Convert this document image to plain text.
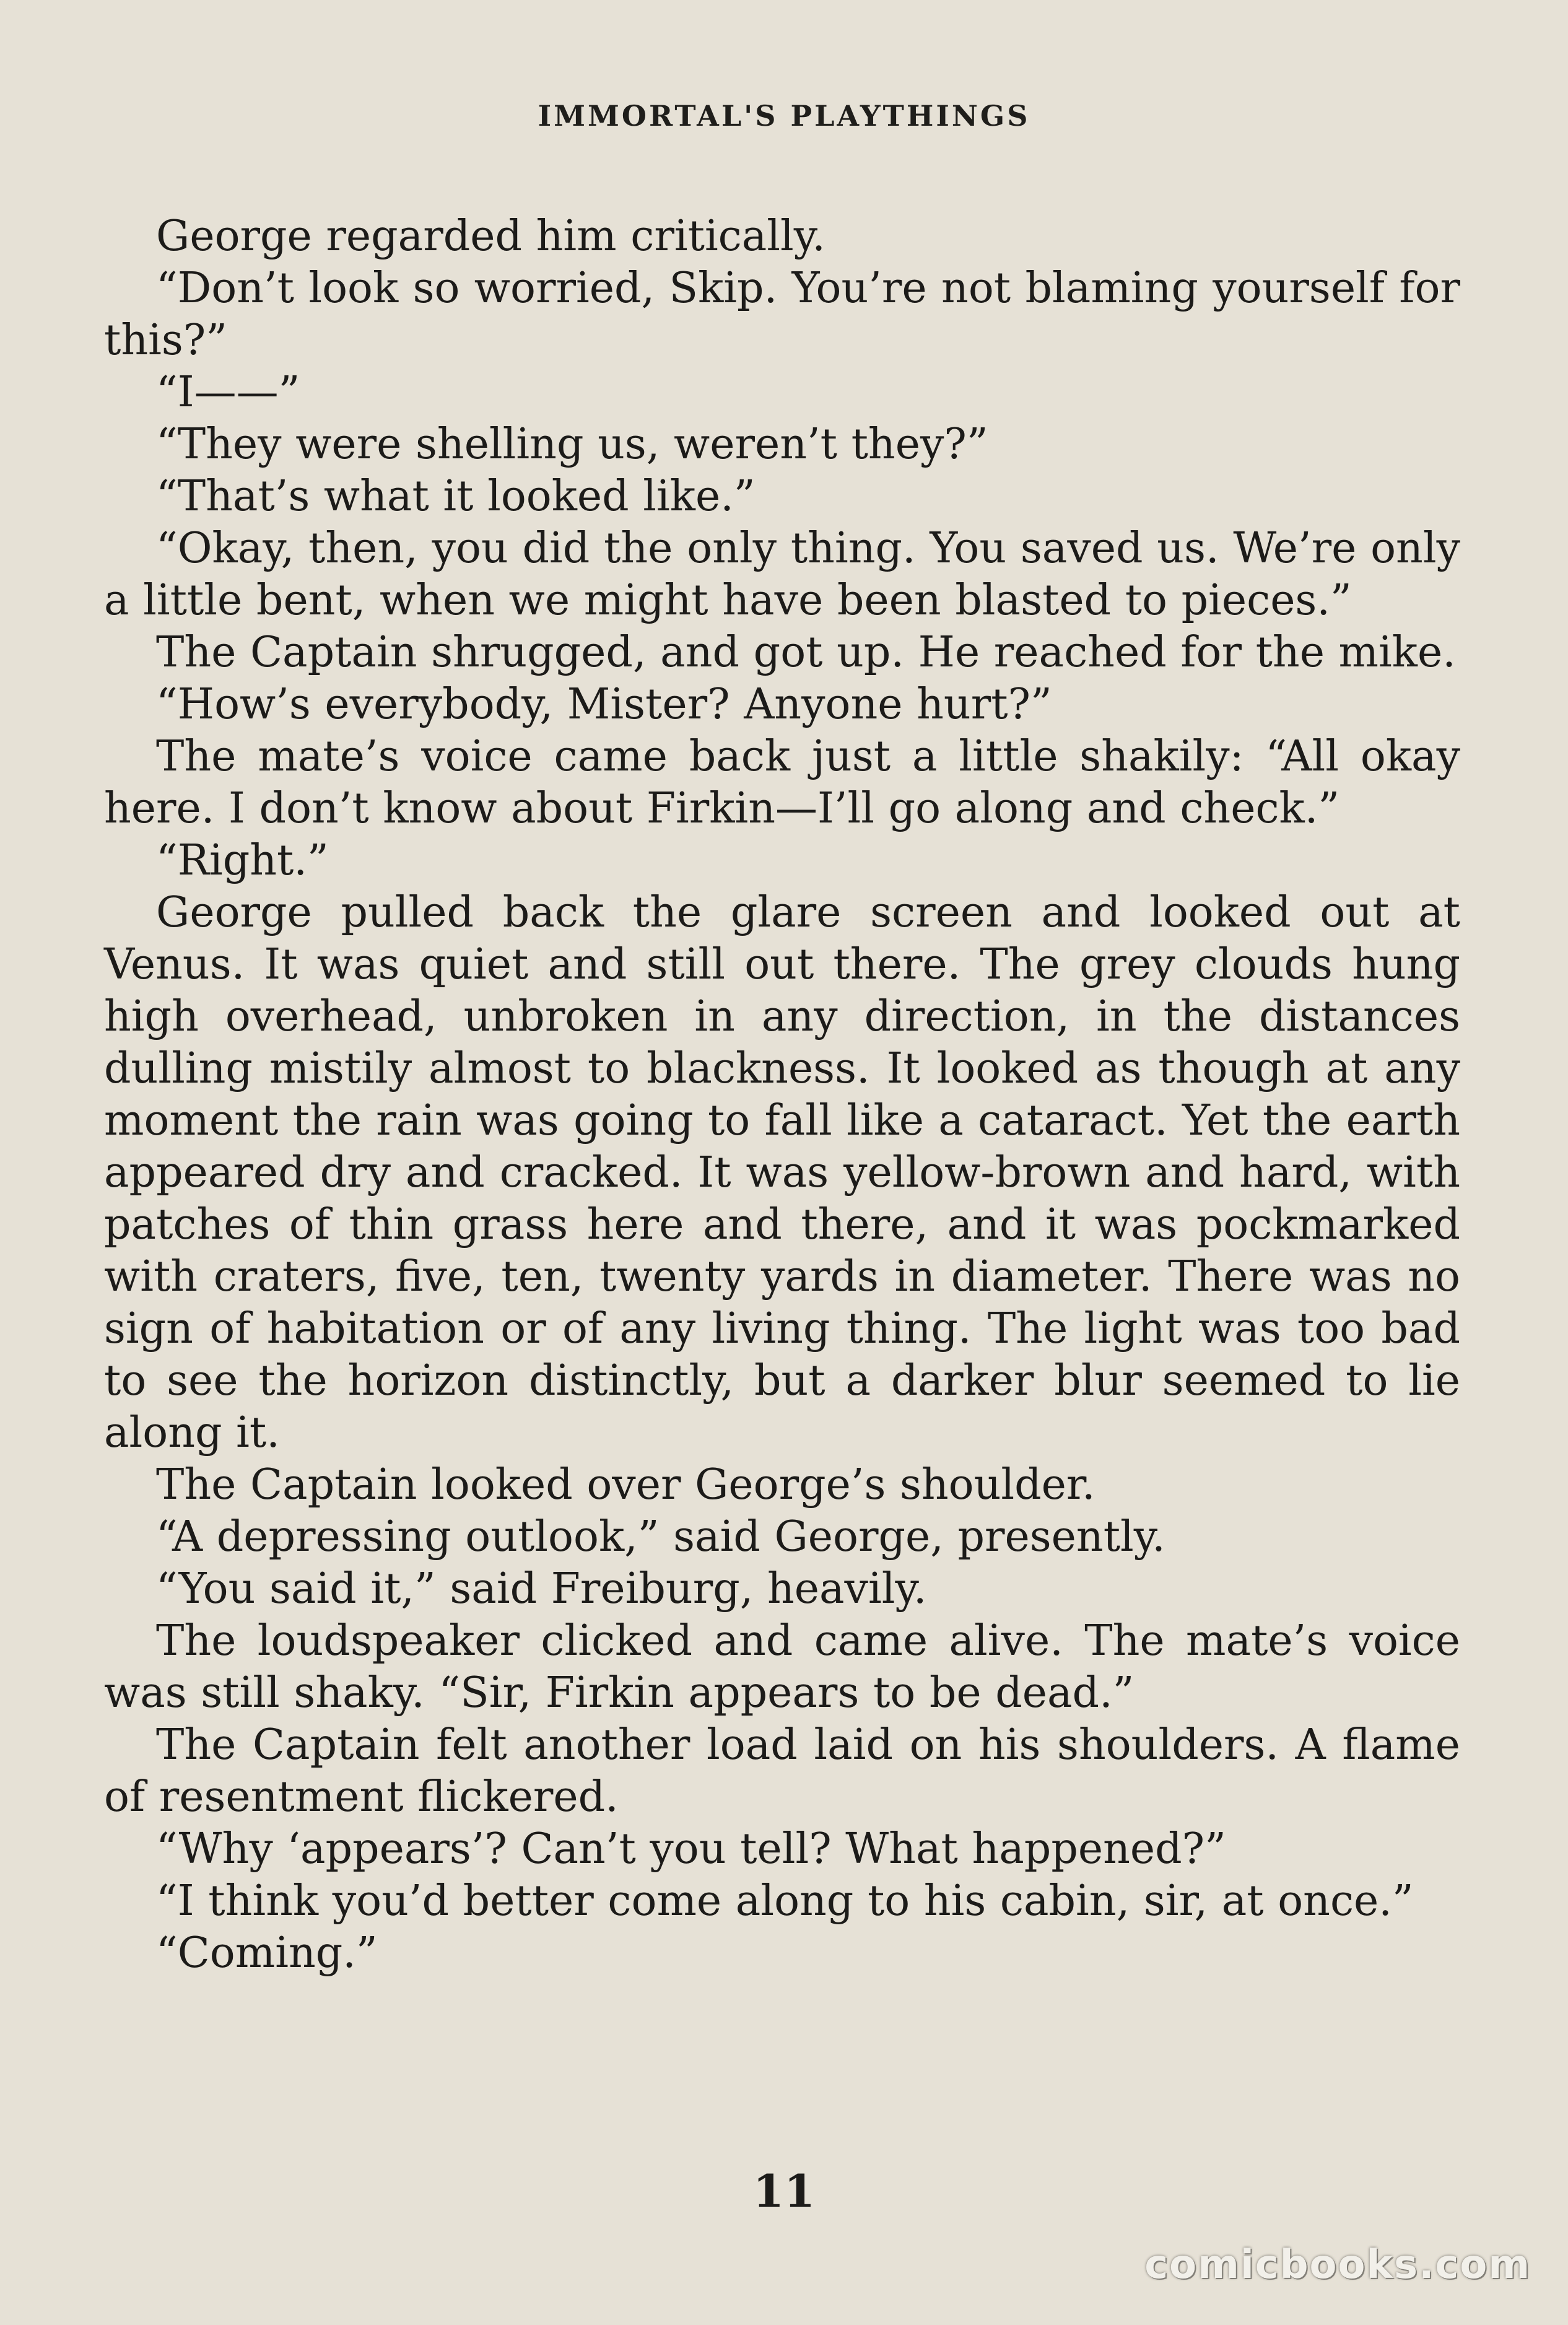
IMMORTAL'S PLAYTHINGS

George regarded him critically.

“Don’t look so worried, Skip. You’re not blaming yourself for this?”

“I——”

“They were shelling us, weren’t they?”

“That’s what it looked like.”

“Okay, then, you did the only thing. You saved us. We’re only a little bent, when we might have been blasted to pieces.”

The Captain shrugged, and got up. He reached for the mike.

“How’s everybody, Mister? Anyone hurt?”

The mate’s voice came back just a little shakily: “All okay here. I don’t know about Firkin—I’ll go along and check.”

“Right.”

George pulled back the glare screen and looked out at Venus. It was quiet and still out there. The grey clouds hung high overhead, unbroken in any direction, in the distances dulling mistily almost to blackness. It looked as though at any moment the rain was going to fall like a cataract. Yet the earth appeared dry and cracked. It was yellow-brown and hard, with patches of thin grass here and there, and it was pockmarked with craters, five, ten, twenty yards in diameter. There was no sign of habitation or of any living thing. The light was too bad to see the horizon distinctly, but a darker blur seemed to lie along it.

The Captain looked over George’s shoulder.

“A depressing outlook,” said George, presently.

“You said it,” said Freiburg, heavily.

The loudspeaker clicked and came alive. The mate’s voice was still shaky. “Sir, Firkin appears to be dead.”

The Captain felt another load laid on his shoulders. A flame of resentment flickered.

“Why ‘appears’? Can’t you tell? What happened?”

“I think you’d better come along to his cabin, sir, at once.”

“Coming.”

11
comicbooks.com
